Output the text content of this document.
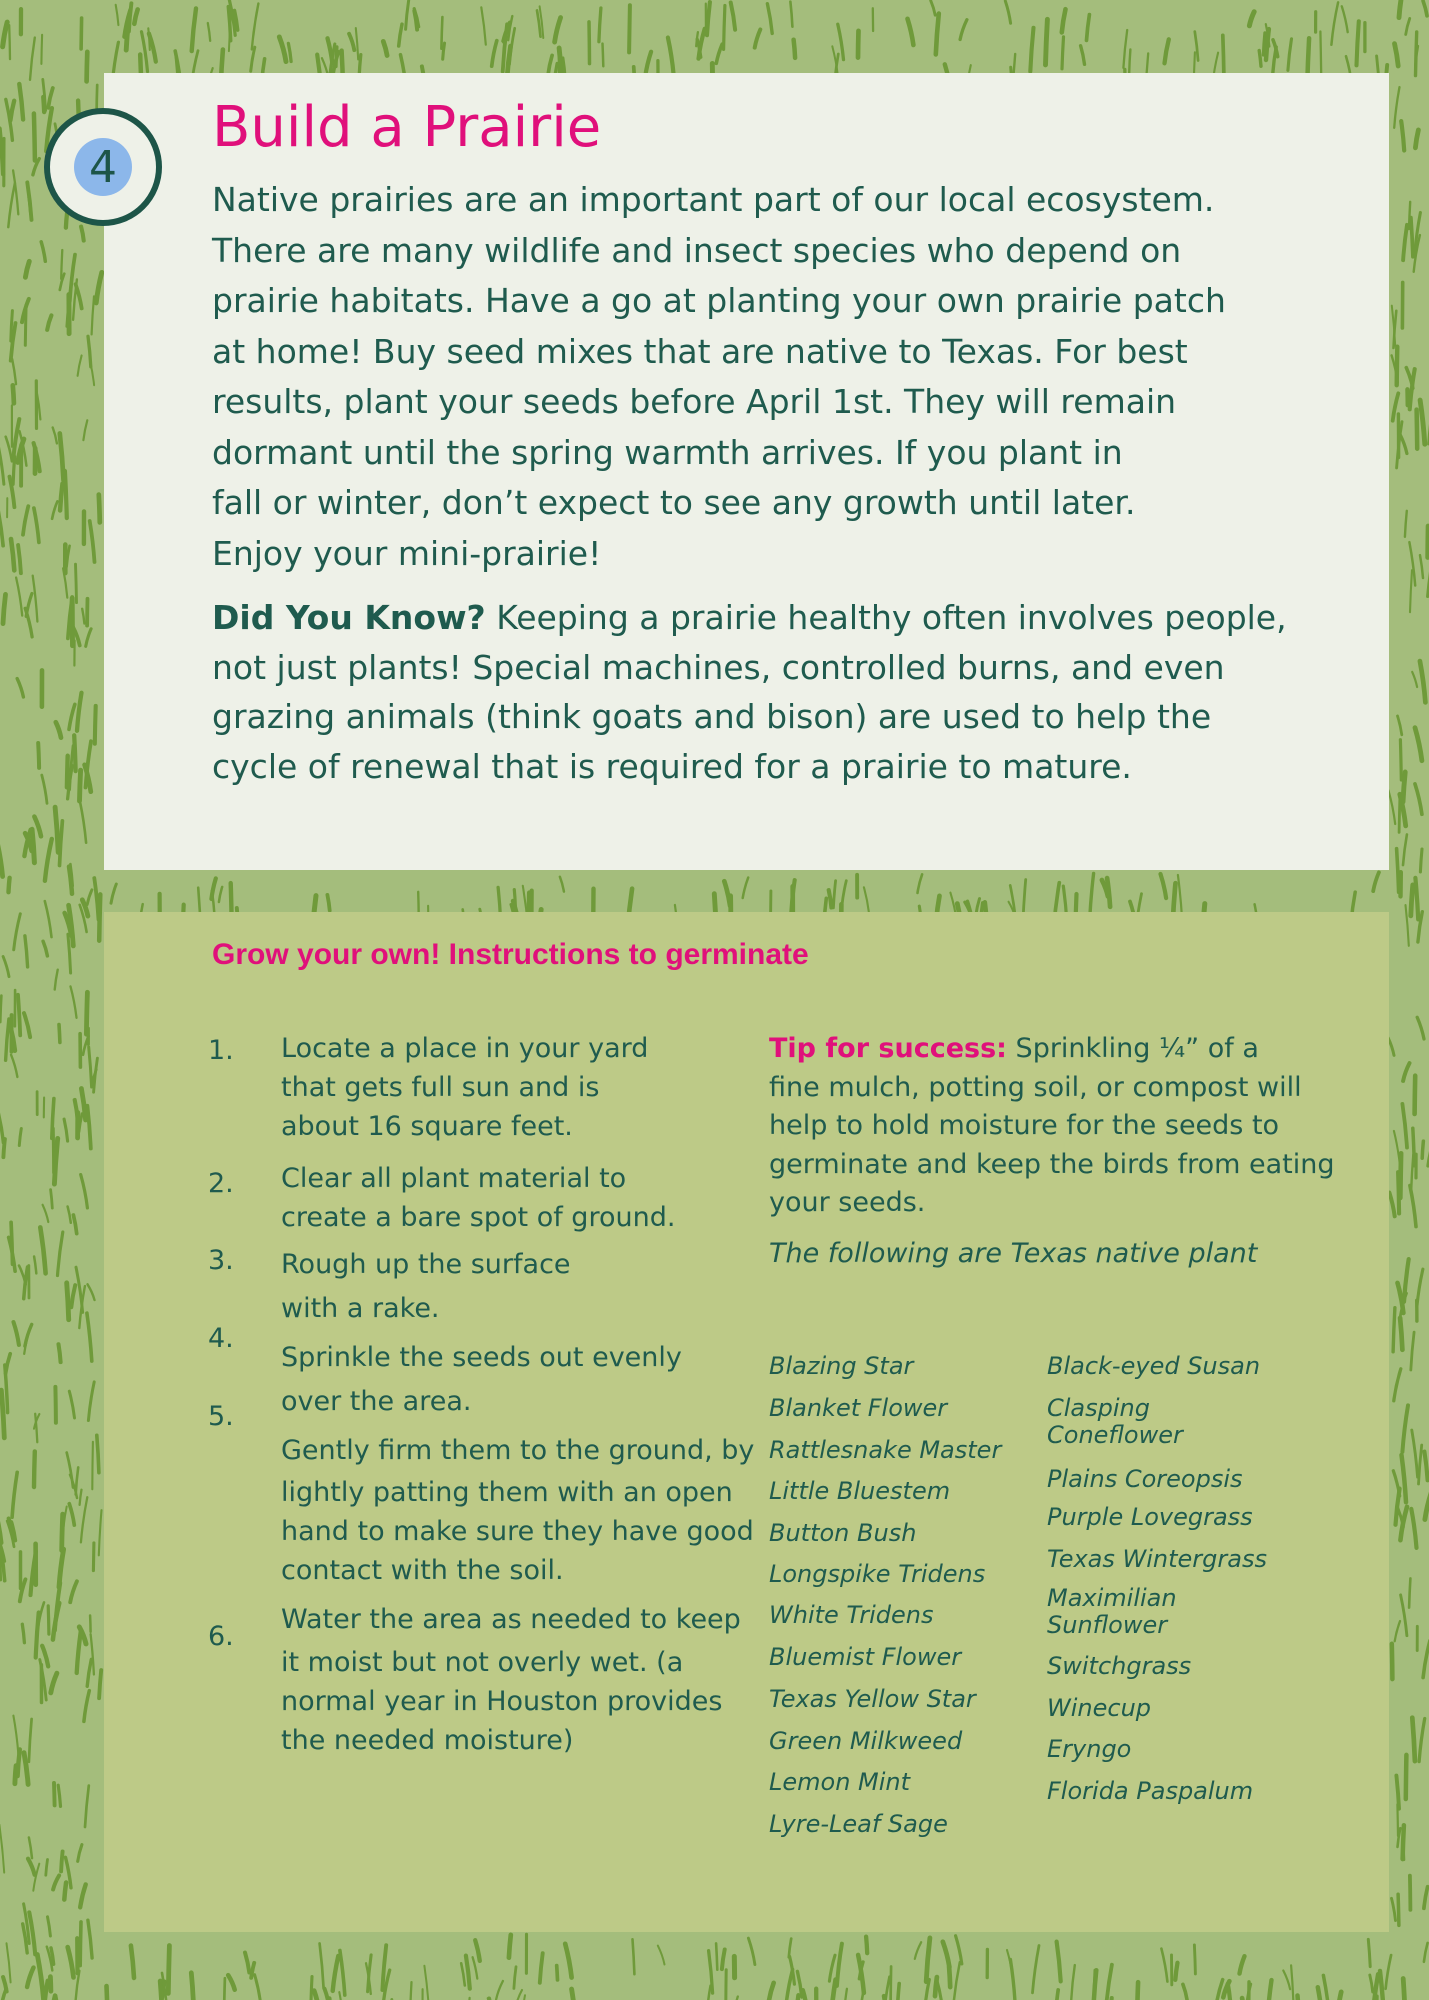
4
Build a Prairie
Native prairies are an important part of our local ecosystem.
There are many wildlife and insect species who depend on
prairie habitats. Have a go at planting your own prairie patch
at home! Buy seed mixes that are native to Texas. For best
results, plant your seeds before April 1st. They will remain
dormant until the spring warmth arrives. If you plant in
fall or winter, don’t expect to see any growth until later.
Enjoy your mini-prairie!
Did You Know? Keeping a prairie healthy often involves people,
not just plants! Special machines, controlled burns, and even
grazing animals (think goats and bison) are used to help the
cycle of renewal that is required for a prairie to mature.
Grow your own! Instructions to germinate
1.
2.
3.
4.
5.
6.
Locate a place in your yard
that gets full sun and is
about 16 square feet.
Clear all plant material to
create a bare spot of ground.
Rough up the surface
with a rake.
Sprinkle the seeds out evenly
over the area.
Gently firm them to the ground, by
lightly patting them with an open
hand to make sure they have good
contact with the soil.
Water the area as needed to keep
it moist but not overly wet. (a
normal year in Houston provides
the needed moisture)
Tip for success: Sprinkling ¼” of a
fine mulch, potting soil, or compost will
help to hold moisture for the seeds to
germinate and keep the birds from eating
your seeds.
The following are Texas native plant
Blazing Star
Blanket Flower
Rattlesnake Master
Little Bluestem
Button Bush
Longspike Tridens
White Tridens
Bluemist Flower
Texas Yellow Star
Green Milkweed
Lemon Mint
Lyre-Leaf Sage
Black-eyed Susan
Clasping
Coneflower
Plains Coreopsis
Purple Lovegrass
Texas Wintergrass
Maximilian
Sunflower
Switchgrass
Winecup
Eryngo
Florida Paspalum
